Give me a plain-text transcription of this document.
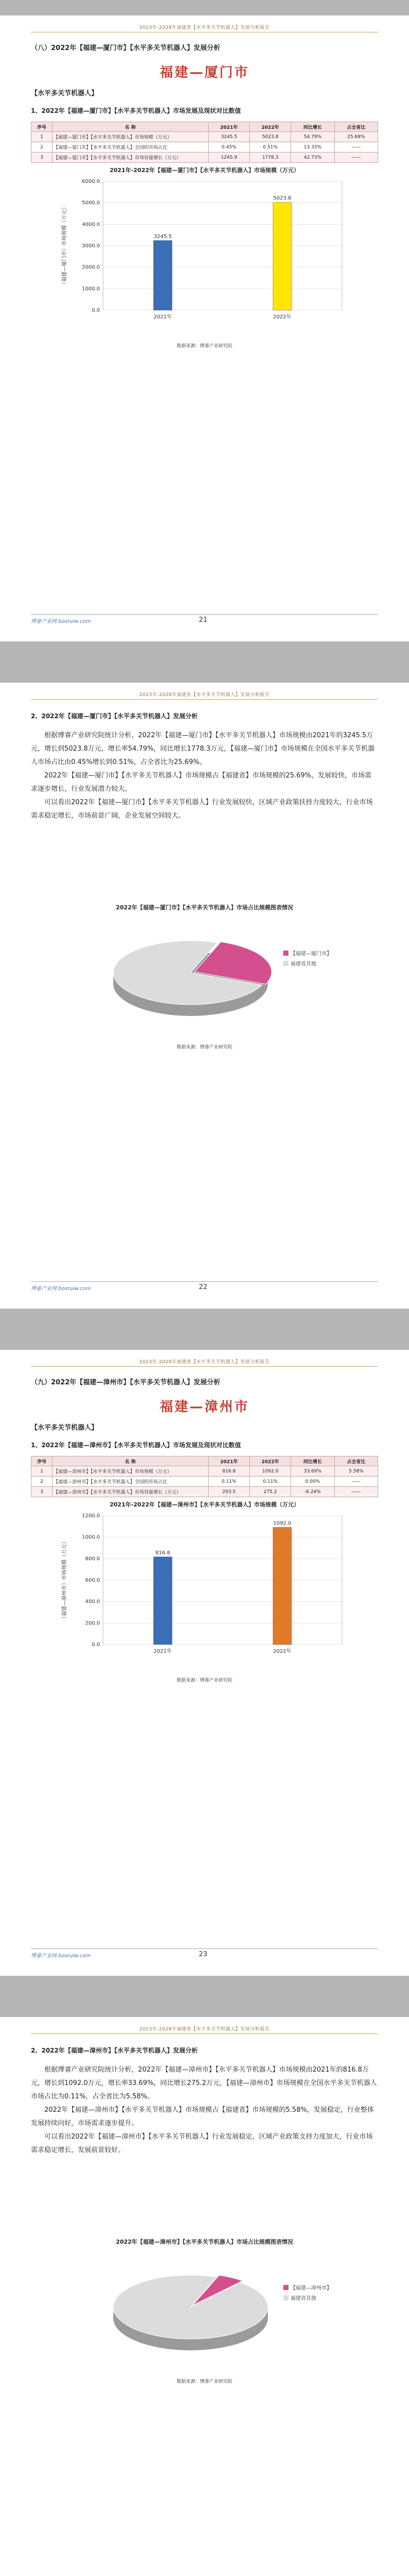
2023年-2028年福建省【水平多关节机器人】发展分析报告
（八）2022年【福建—厦门市】【水平多关节机器人】发展分析
福建—厦门市
【水平多关节机器人】
1、2022年【福建—厦门市】【水平多关节机器人】市场发展及现状对比数值
序号	名 称	2021年	2022年	同比增长	占全省比
1	【福建—厦门市】【水平多关节机器人】市场规模（万元）	3245.5	5023.8	54.79%	25.69%
2	【福建—厦门市】【水平多关节机器人】全国的市场占比	0.45%	0.51%	13.33%	——
3	【福建—厦门市】【水平多关节机器人】市场容量增长（万元）	1245.9	1778.3	42.73%	——
2021年-2022年【福建—厦门市】【水平多关节机器人】市场规模（万元）
0.0
1000.0
2000.0
3000.0
4000.0
5000.0
6000.0
（福建—厦门市）市场规模（万元）	3245.5
2021年
5023.8
2022年
数据来源：博睿产业研究院
博睿产业网 bosruiw.com	21
2023年-2028年福建省【水平多关节机器人】发展分析报告
2、2022年【福建—厦门市】【水平多关节机器人】发展分析

根据博睿产业研究院统计分析，2022年【福建—厦门市】【水平多关节机器人】市场规模由2021年的3245.5万元，增长到5023.8万元，增长率54.79%，同比增长1778.3万元，【福建—厦门市】市场规模在全国水平多关节机器人市场占比由0.45%增长到0.51%，占全省比为25.69%。

2022年【福建—厦门市】【水平多关节机器人】市场规模占【福建省】市场规模的25.69%，发展较快，市场需求逐步增长，行业发展潜力较大。

可以看出2022年【福建—厦门市】【水平多关节机器人】行业发展较快，区域产业政策扶持力度较大，行业市场需求稳定增长，市场前景广阔，企业发展空间较大。

2022年【福建—厦门市】【水平多关节机器人】市场占比规模图表情况
【福建—厦门市】
福建省其他
数据来源：博睿产业研究院
博睿产业网 bosruiw.com	22
2023年-2028年福建省【水平多关节机器人】发展分析报告
（九）2022年【福建—漳州市】【水平多关节机器人】发展分析
福建—漳州市
【水平多关节机器人】
1、2022年【福建—漳州市】【水平多关节机器人】市场发展及现状对比数值
序号	名 称	2021年	2022年	同比增长	占全省比
1	【福建—漳州市】【水平多关节机器人】市场规模（万元）	816.8	1092.0	33.69%	5.58%
2	【福建—漳州市】【水平多关节机器人】全国的市场占比	0.11%	0.11%	0.00%	——
3	【福建—漳州市】【水平多关节机器人】市场容量增长（万元）	293.5	275.2	-6.24%	——
2021年-2022年【福建—漳州市】【水平多关节机器人】市场规模（万元）
0.0
200.0
400.0
600.0
800.0
1000.0
1200.0
（福建—漳州市）市场规模（万元）	816.8
2021年
1092.0
2022年
数据来源：博睿产业研究院
博睿产业网 bosruiw.com	23
2023年-2028年福建省【水平多关节机器人】发展分析报告
2、2022年【福建—漳州市】【水平多关节机器人】发展分析

根据博睿产业研究院统计分析，2022年【福建—漳州市】【水平多关节机器人】市场规模由2021年的816.8万元，增长到1092.0万元，增长率33.69%，同比增长275.2万元，【福建—漳州市】市场规模在全国水平多关节机器人市场占比为0.11%，占全省比为5.58%。

2022年【福建—漳州市】【水平多关节机器人】市场规模占【福建省】市场规模的5.58%，发展稳定，行业整体发展持续向好，市场需求逐步提升。

可以看出2022年【福建—漳州市】【水平多关节机器人】行业发展稳定，区域产业政策支持力度加大，行业市场需求稳定增长，发展前景较好。

2022年【福建—漳州市】【水平多关节机器人】市场占比规模图表情况
【福建—漳州市】
福建省其他
数据来源：博睿产业研究院
